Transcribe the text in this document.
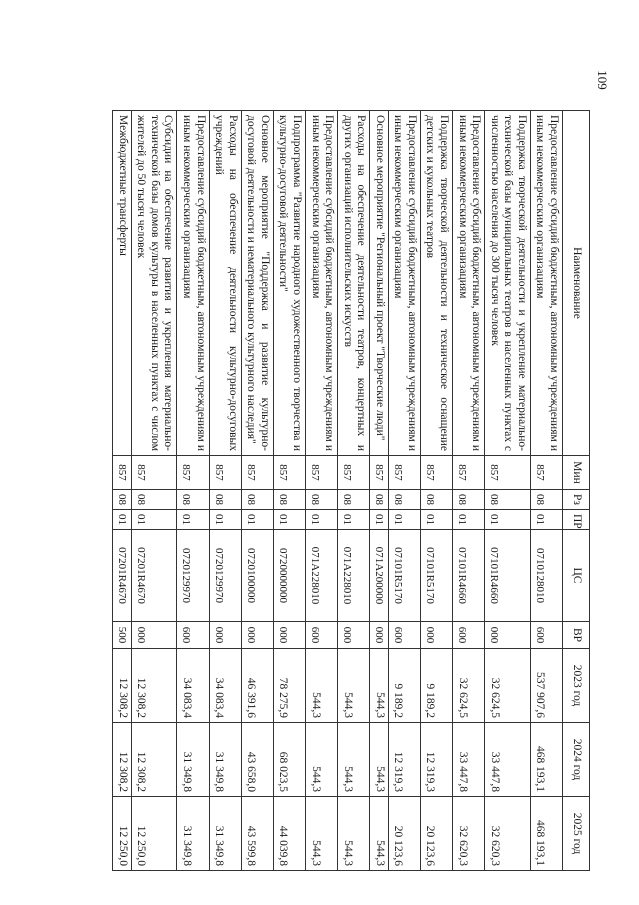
109
Наименование	Мин	Рз	ПР	ЦС	ВР	2023 год	2024 год	2025 год
Предоставление субсидий бюджетным, автономным учреждениям и иным некоммерческим организациям	857	08	01	0710128010	600	537 907,6	468 193,1	468 193,1
Поддержка творческой деятельности и укрепление материально-технической базы муниципальных театров в населенных пунктах с численностью населения до 300 тысяч человек	857	08	01	07101R4660	000	32 624,5	33 447,8	32 620,3
Предоставление субсидий бюджетным, автономным учреждениям и иным некоммерческим организациям	857	08	01	07101R4660	600	32 624,5	33 447,8	32 620,3
Поддержка творческой деятельности и техническое оснащение детских и кукольных театров	857	08	01	07101R5170	000	9 189,2	12 319,3	20 123,6
Предоставление субсидий бюджетным, автономным учреждениям и иным некоммерческим организациям	857	08	01	07101R5170	600	9 189,2	12 319,3	20 123,6
Основное мероприятие "Региональный проект "Творческие люди"	857	08	01	071A200000	000	544,3	544,3	544,3
Расходы на обеспечение деятельности театров, концертных и других организаций исполнительских искусств	857	08	01	071A228010	000	544,3	544,3	544,3
Предоставление субсидий бюджетным, автономным учреждениям и иным некоммерческим организациям	857	08	01	071A228010	600	544,3	544,3	544,3
Подпрограмма "Развитие народного художественного творчества и культурно-досуговой деятельности"	857	08	01	0720000000	000	78 275,9	68 023,5	44 039,8
Основное мероприятие "Поддержка и развитие культурно-досуговой деятельности и нематериального культурного наследия"	857	08	01	0720100000	000	46 391,6	43 658,0	43 599,8
Расходы на обеспечение деятельности культурно-досуговых учреждений	857	08	01	0720129970	000	34 083,4	31 349,8	31 349,8
Предоставление субсидий бюджетным, автономным учреждениям и иным некоммерческим организациям	857	08	01	0720129970	600	34 083,4	31 349,8	31 349,8
Субсидии на обеспечение развития и укрепления материально-технической базы домов культуры в населенных пунктах с числом жителей до 50 тысяч человек	857	08	01	07201R4670	000	12 308,2	12 308,2	12 250,0
Межбюджетные трансферты	857	08	01	07201R4670	500	12 308,2	12 308,2	12 250,0
